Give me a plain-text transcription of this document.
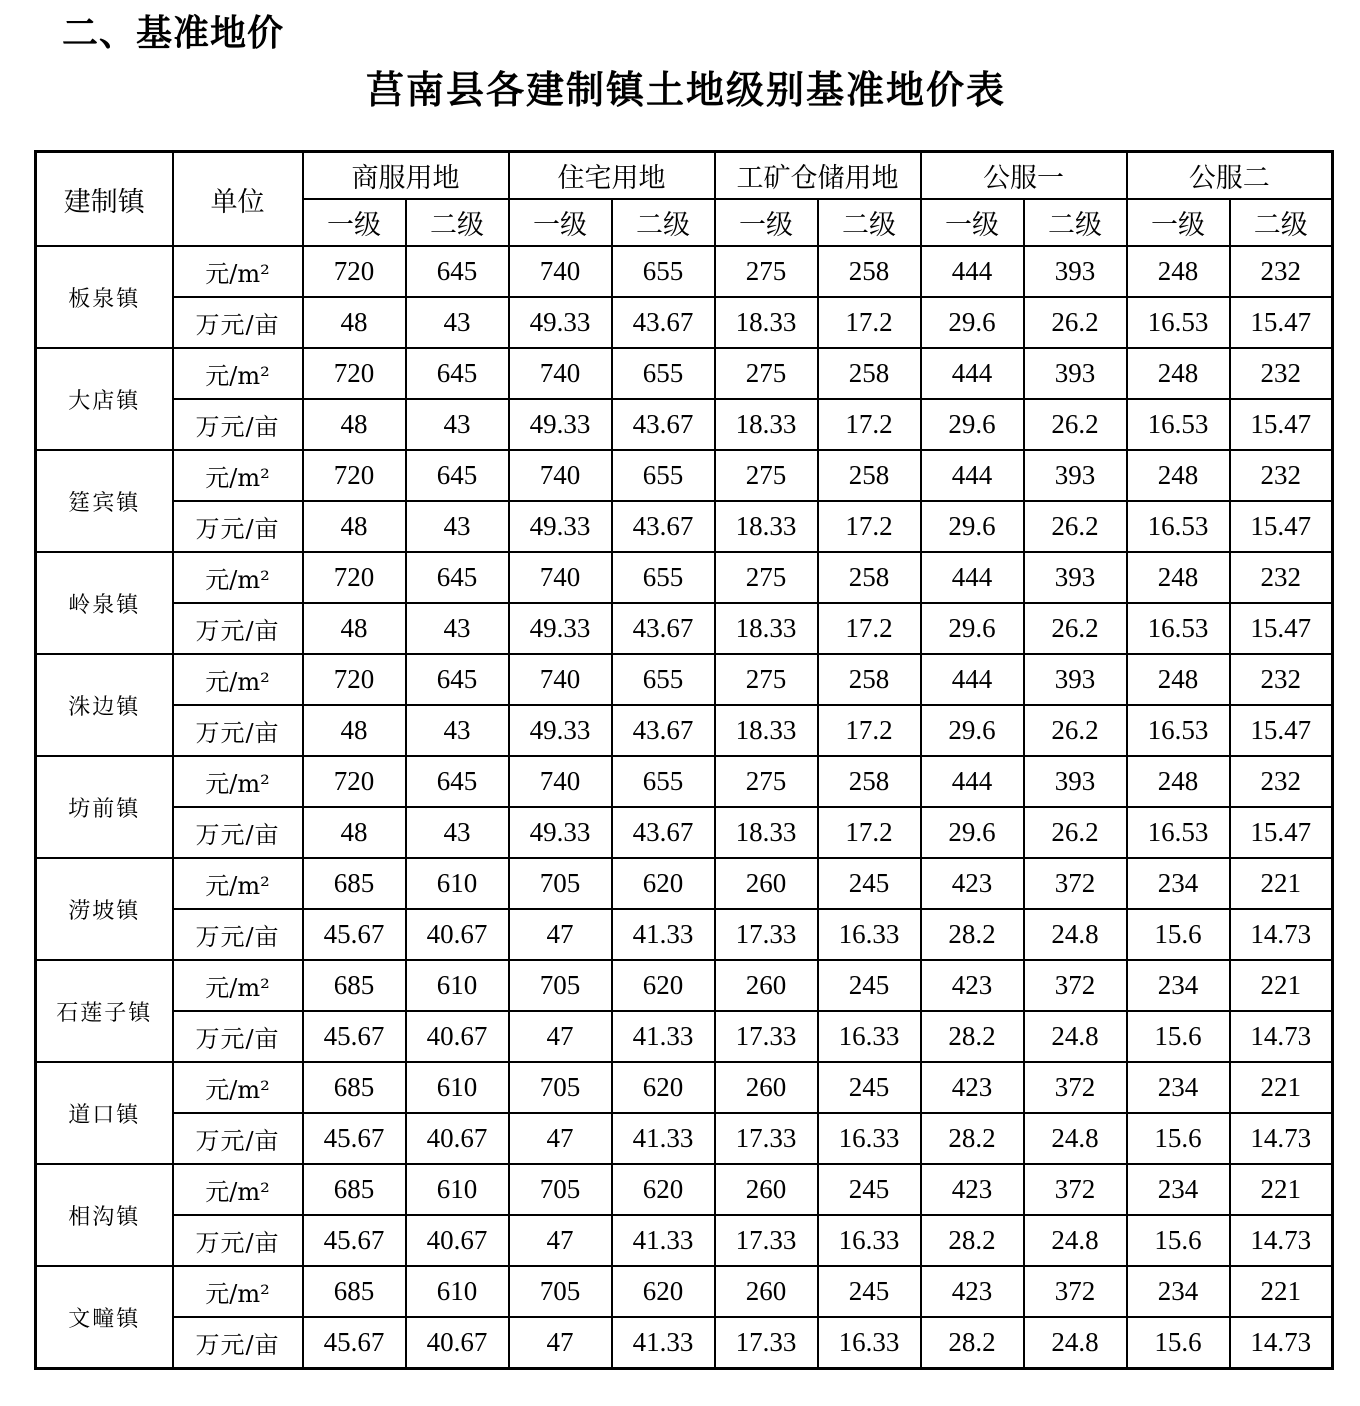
二、基准地价
莒南县各建制镇土地级别基准地价表
建制镇	单位	商服用地		住宅用地		工矿仓储用地		公服一		公服二	
		一级	二级	一级	二级	一级	二级	一级	二级	一级	二级
板泉镇	元/m²	720	645	740	655	275	258	444	393	248	232
	万元/亩	48	43	49.33	43.67	18.33	17.2	29.6	26.2	16.53	15.47
大店镇	元/m²	720	645	740	655	275	258	444	393	248	232
	万元/亩	48	43	49.33	43.67	18.33	17.2	29.6	26.2	16.53	15.47
筳宾镇	元/m²	720	645	740	655	275	258	444	393	248	232
	万元/亩	48	43	49.33	43.67	18.33	17.2	29.6	26.2	16.53	15.47
岭泉镇	元/m²	720	645	740	655	275	258	444	393	248	232
	万元/亩	48	43	49.33	43.67	18.33	17.2	29.6	26.2	16.53	15.47
洙边镇	元/m²	720	645	740	655	275	258	444	393	248	232
	万元/亩	48	43	49.33	43.67	18.33	17.2	29.6	26.2	16.53	15.47
坊前镇	元/m²	720	645	740	655	275	258	444	393	248	232
	万元/亩	48	43	49.33	43.67	18.33	17.2	29.6	26.2	16.53	15.47
涝坡镇	元/m²	685	610	705	620	260	245	423	372	234	221
	万元/亩	45.67	40.67	47	41.33	17.33	16.33	28.2	24.8	15.6	14.73
石莲子镇	元/m²	685	610	705	620	260	245	423	372	234	221
	万元/亩	45.67	40.67	47	41.33	17.33	16.33	28.2	24.8	15.6	14.73
道口镇	元/m²	685	610	705	620	260	245	423	372	234	221
	万元/亩	45.67	40.67	47	41.33	17.33	16.33	28.2	24.8	15.6	14.73
相沟镇	元/m²	685	610	705	620	260	245	423	372	234	221
	万元/亩	45.67	40.67	47	41.33	17.33	16.33	28.2	24.8	15.6	14.73
文疃镇	元/m²	685	610	705	620	260	245	423	372	234	221
	万元/亩	45.67	40.67	47	41.33	17.33	16.33	28.2	24.8	15.6	14.73
